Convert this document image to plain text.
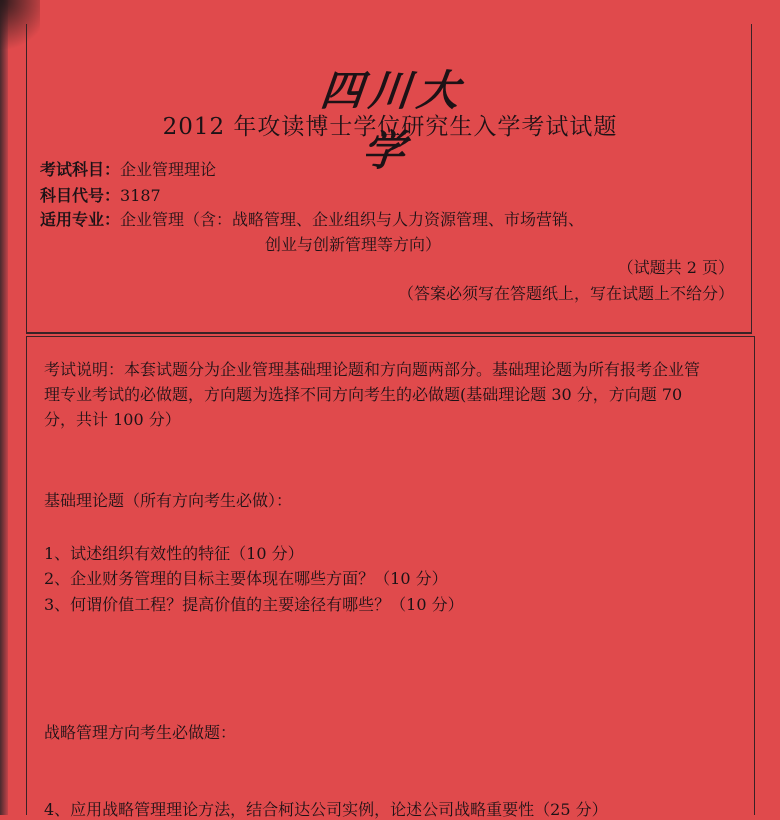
四川大学
2012 年攻读博士学位研究生入学考试试题
考试科目：企业管理理论
科目代号：3187
适用专业：企业管理（含：战略管理、企业组织与人力资源管理、市场营销、
创业与创新管理等方向）
（试题共 2 页）
（答案必须写在答题纸上，写在试题上不给分）
考试说明：本套试题分为企业管理基础理论题和方向题两部分。基础理论题为所有报考企业管理专业考试的必做题，方向题为选择不同方向考生的必做题(基础理论题 30 分，方向题 70 分，共计 100 分）
基础理论题（所有方向考生必做）：
1、试述组织有效性的特征（10 分）
2、企业财务管理的目标主要体现在哪些方面？（10 分）
3、何谓价值工程？提高价值的主要途径有哪些？（10 分）
战略管理方向考生必做题：
4、应用战略管理理论方法，结合柯达公司实例，论述公司战略重要性（25 分）
